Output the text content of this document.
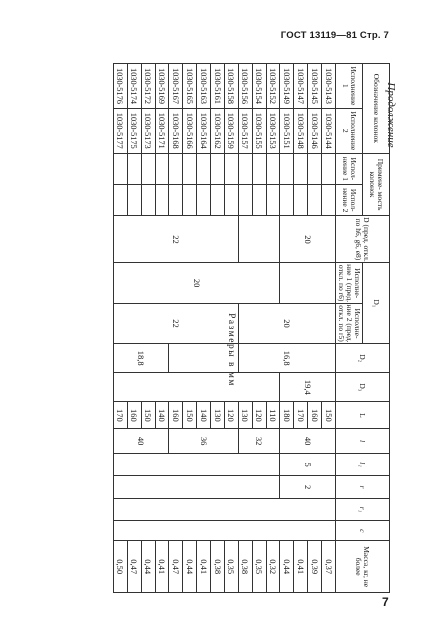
ГОСТ 13119—81 Стр. 7
Продолжение
Размеры в мм
7
Обозначение колонок		Примене- мость колонок		D (пред. откл. по h6, g6, е8)	D₁		D₂	D₃	L	l	l₁	r	r₁	c	Масса, кг, не более
Исполнение 1	Исполнение 2	Испол- нение 1	Испол- нение 2		Исполне- ние 1 (пред. откл. по r6)	Исполне- ние 2 (пред. откл. по r5)									

1030-5143	1030-5144			20		20	16,8	19,4	150	40	5	2			0,37
1030-5145	1030-5146								160						0,39
1030-5147	1030-5148								170						0,41
1030-5149	1030-5151								180						0,44
1030-5152	1030-5153				20				110	32					0,32
1030-5154	1030-5155								120						0,35
1030-5156	1030-5157								130						0,38
1030-5158	1030-5159			22		22			120	36					0,35
1030-5161	1030-5162								130						0,38
1030-5163	1030-5164								140						0,41
1030-5165	1030-5166								150						0,44
1030-5167	1030-5168								160						0,47
1030-5169	1030-5171						18,8		140	40					0,41
1030-5172	1030-5173								150						0,44
1030-5174	1030-5175								160						0,47
1030-5176	1030-5177								170						0,50
